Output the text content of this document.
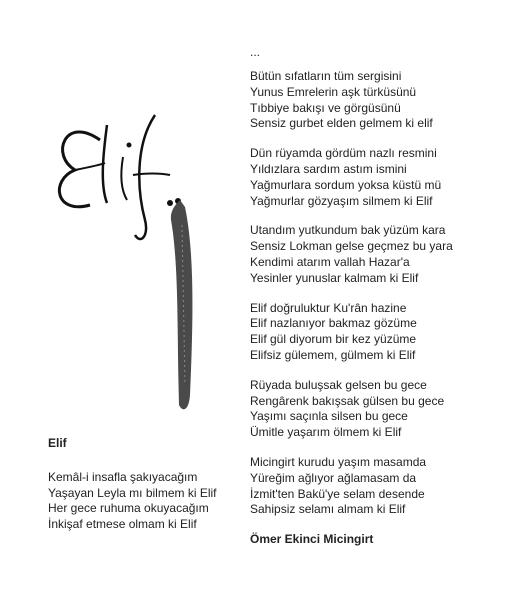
Elif
Elif
Kemâl-i insafla şakıyacağım
Yaşayan Leyla mı bilmem ki Elif
Her gece ruhuma okuyacağım
İnkişaf etmese olmam ki Elif
...
Bütün sıfatların tüm sergisini
Yunus Emrelerin aşk türküsünü
Tıbbiye bakışı ve görgüsünü
Sensiz gurbet elden gelmem ki elif
Dün rüyamda gördüm nazlı resmini
Yıldızlara sardım astım ismini
Yağmurlara sordum yoksa küstü mü
Yağmurlar gözyaşım silmem ki Elif
Utandım yutkundum bak yüzüm kara
Sensiz Lokman gelse geçmez bu yara
Kendimi atarım vallah Hazar'a
Yesinler yunuslar kalmam ki Elif
Elif doğruluktur Ku'rân hazine
Elif nazlanıyor bakmaz gözüme
Elif gül diyorum bir kez yüzüme
Elifsiz gülemem, gülmem ki Elif
Rüyada buluşsak gelsen bu gece
Rengârenk bakışsak gülsen bu gece
Yaşımı saçınla silsen bu gece
Ümitle yaşarım ölmem ki Elif
Micingirt kurudu yaşım masamda
Yüreğim ağlıyor ağlamasam da
İzmit'ten Bakü'ye selam desende
Sahipsiz selamı almam ki Elif
Ömer Ekinci Micingirt
